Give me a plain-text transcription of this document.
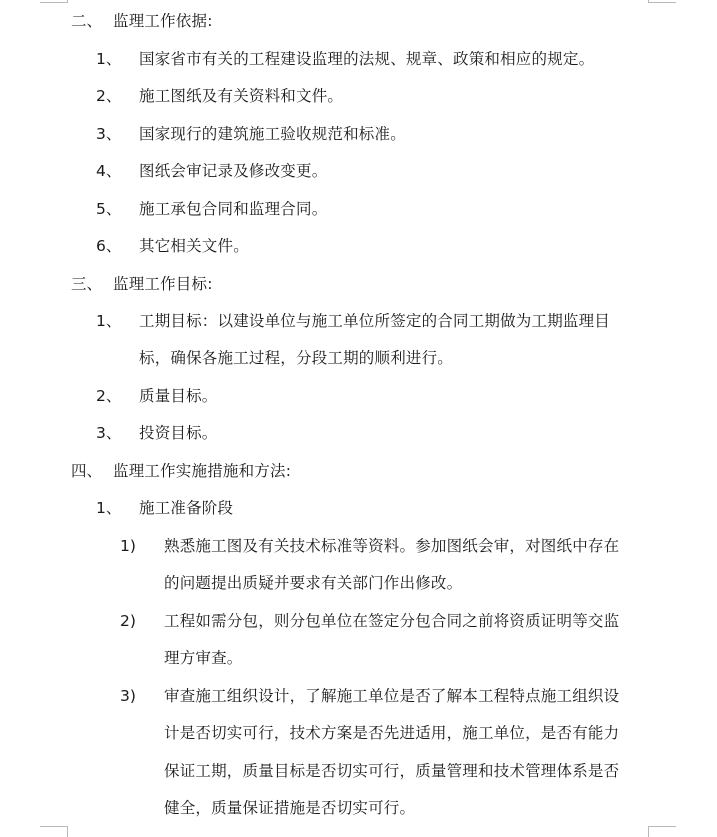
二、 监理工作依据:
1、 国家省市有关的工程建设监理的法规、规章、政策和相应的规定。
2、 施工图纸及有关资料和文件。
3、 国家现行的建筑施工验收规范和标准。
4、 图纸会审记录及修改变更。
5、 施工承包合同和监理合同。
6、 其它相关文件。
三、 监理工作目标:
1、 工期目标：以建设单位与施工单位所签定的合同工期做为工期监理目
标，确保各施工过程，分段工期的顺利进行。
2、 质量目标。
3、 投资目标。
四、 监理工作实施措施和方法:
1、 施工准备阶段
1) 熟悉施工图及有关技术标准等资料。参加图纸会审，对图纸中存在
的问题提出质疑并要求有关部门作出修改。
2) 工程如需分包，则分包单位在签定分包合同之前将资质证明等交监
理方审查。
3) 审查施工组织设计，了解施工单位是否了解本工程特点施工组织设
计是否切实可行，技术方案是否先进适用，施工单位，是否有能力
保证工期，质量目标是否切实可行，质量管理和技术管理体系是否
健全，质量保证措施是否切实可行。
